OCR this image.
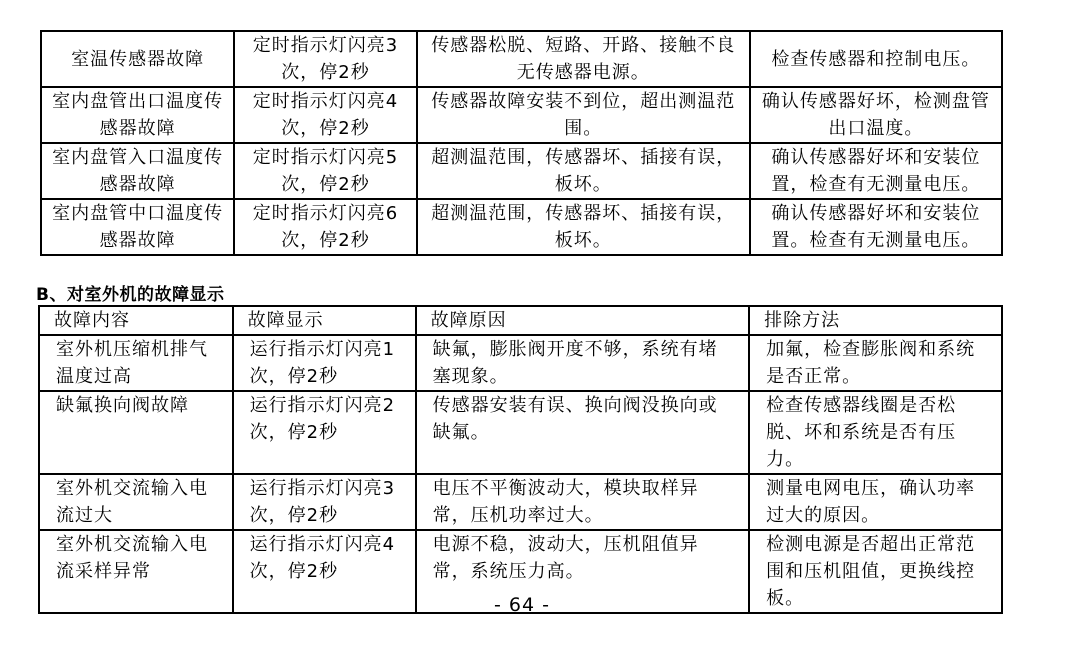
室温传感器故障	定时指示灯闪亮3次，停2秒	传感器松脱、短路、开路、接触不良无传感器电源。	检查传感器和控制电压。
室内盘管出口温度传感器故障	定时指示灯闪亮4次，停2秒	传感器故障安装不到位，超出测温范围。	确认传感器好坏，检测盘管出口温度。
室内盘管入口温度传感器故障	定时指示灯闪亮5次，停2秒	超测温范围，传感器坏、插接有误，板坏。	确认传感器好坏和安装位置，检查有无测量电压。
室内盘管中口温度传感器故障	定时指示灯闪亮6次，停2秒	超测温范围，传感器坏、插接有误，板坏。	确认传感器好坏和安装位置。检查有无测量电压。
B、对室外机的故障显示
故障内容	故障显示	故障原因	排除方法
室外机压缩机排气温度过高	运行指示灯闪亮1次，停2秒	缺氟，膨胀阀开度不够，系统有堵塞现象。	加氟，检查膨胀阀和系统是否正常。
缺氟换向阀故障	运行指示灯闪亮2次，停2秒	传感器安装有误、换向阀没换向或缺氟。	检查传感器线圈是否松脱、坏和系统是否有压力。
室外机交流输入电流过大	运行指示灯闪亮3次，停2秒	电压不平衡波动大，模块取样异常，压机功率过大。	测量电网电压，确认功率过大的原因。
室外机交流输入电流采样异常	运行指示灯闪亮4次，停2秒	电源不稳，波动大，压机阻值异常，系统压力高。	检测电源是否超出正常范围和压机阻值，更换线控板。
- 64 -
